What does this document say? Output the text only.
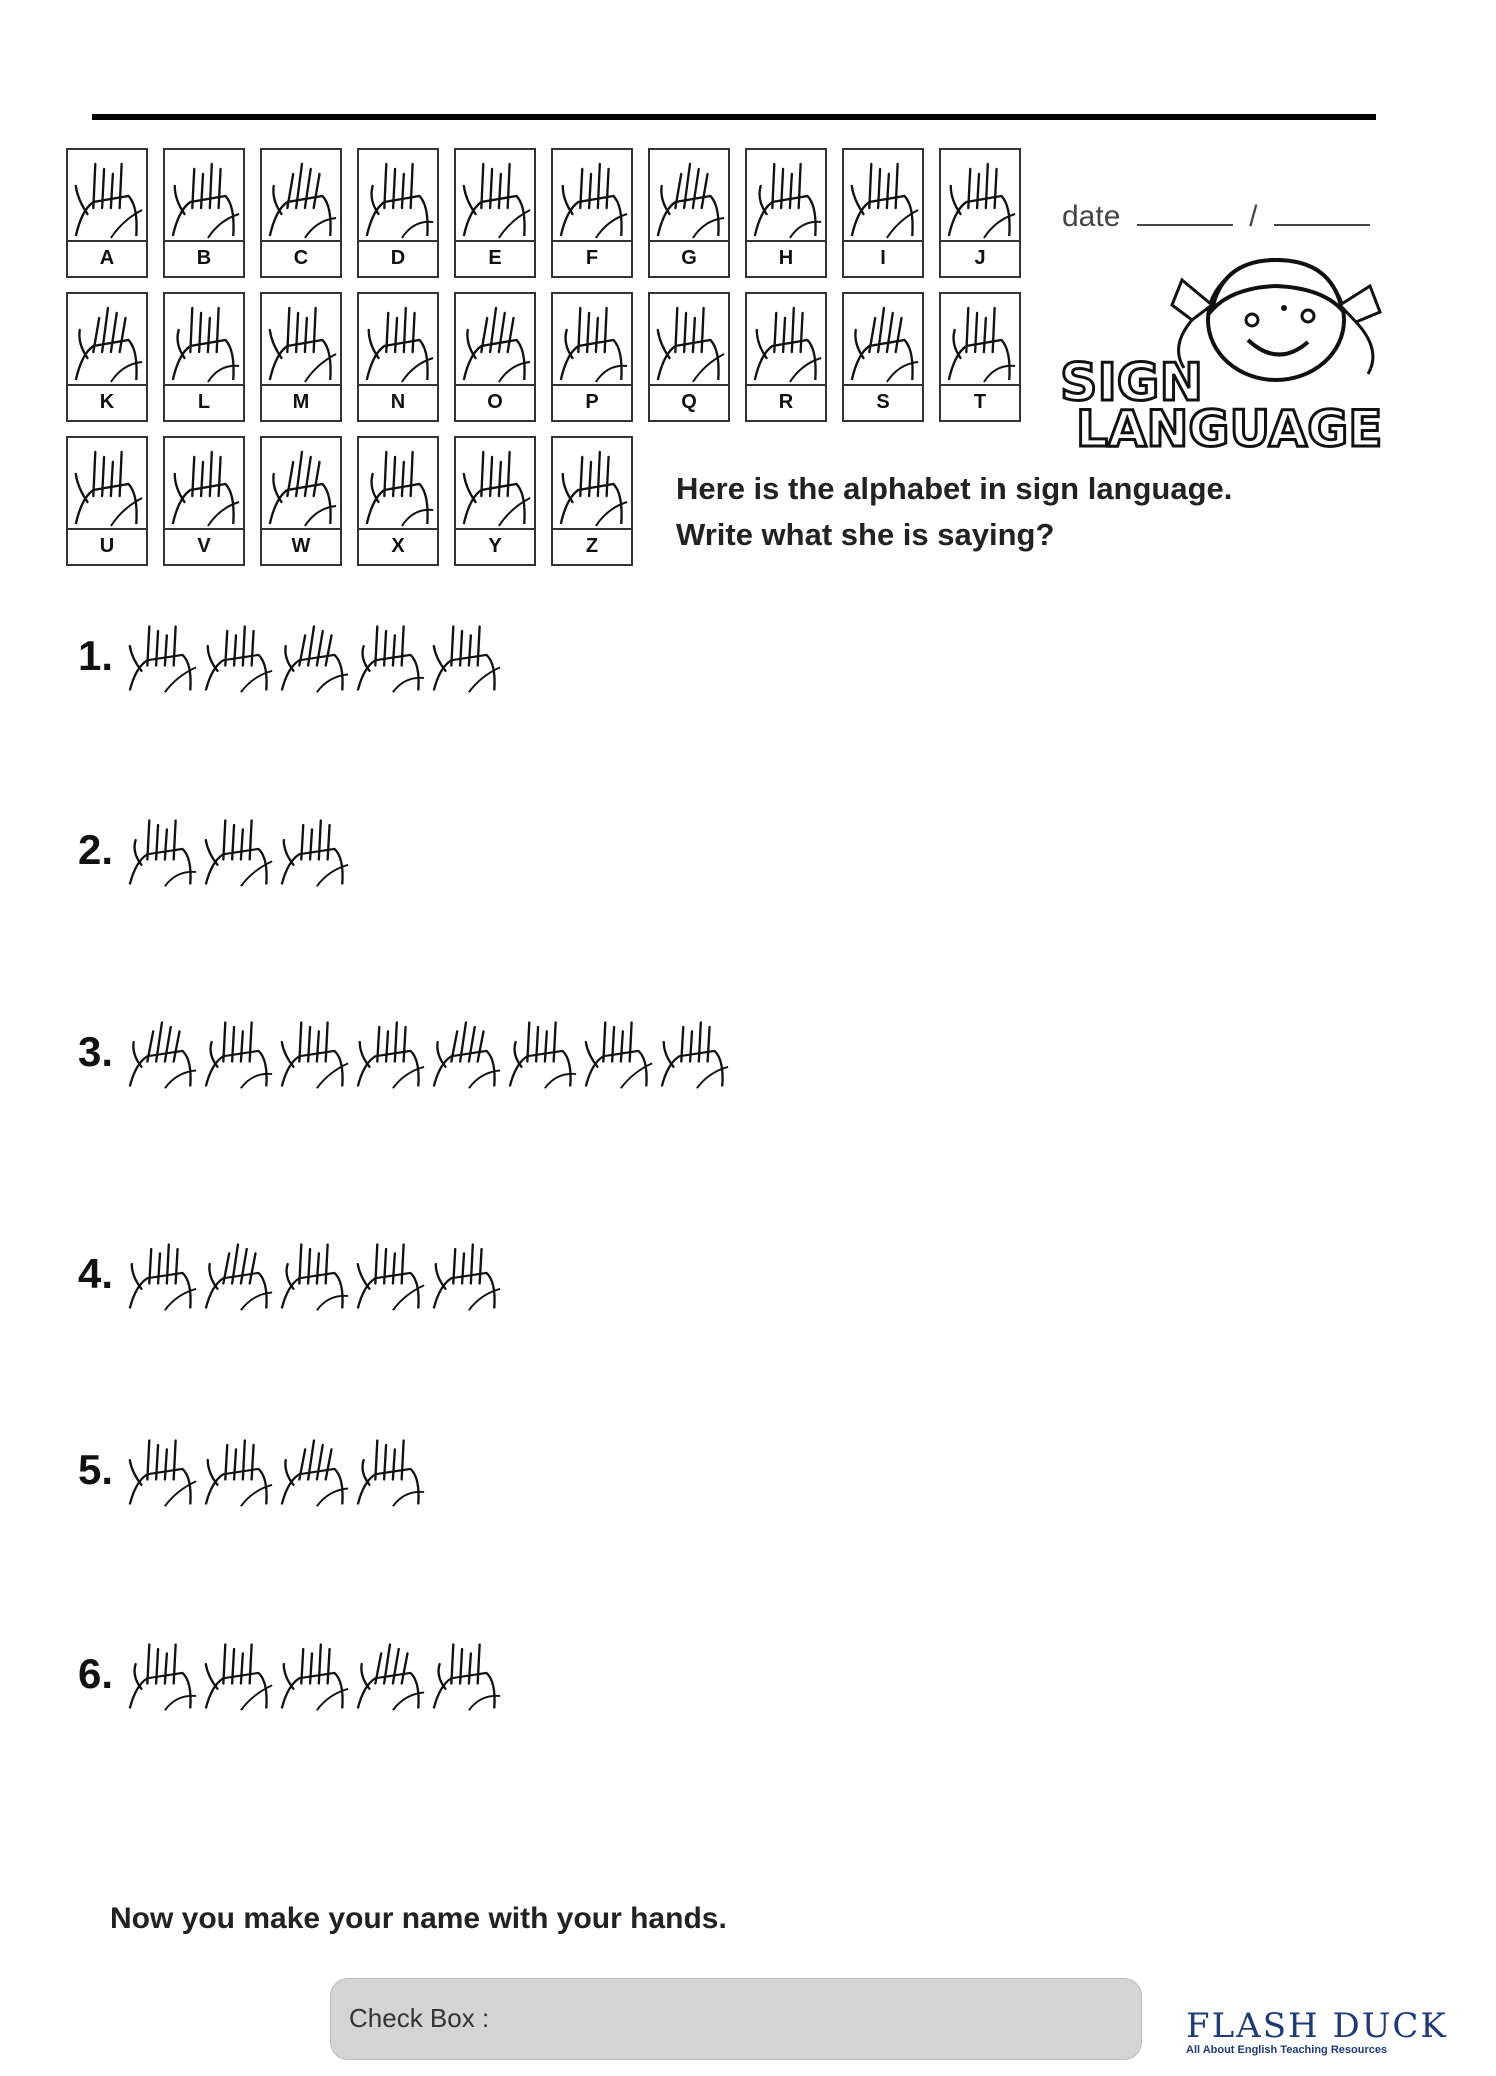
A	B	C	D	E	F	G	H	I	J
K	L	M	N	O	P	Q	R	S	T
U	V	W	X	Y	Z
date	/
SIGN
LANGUAGE
Here is the alphabet in sign language.
Write what she is saying?
1.
2.
3.
4.
5.
6.
Now you make your name with your hands.
Check Box :	FLASH DUCK
All About English Teaching Resources
